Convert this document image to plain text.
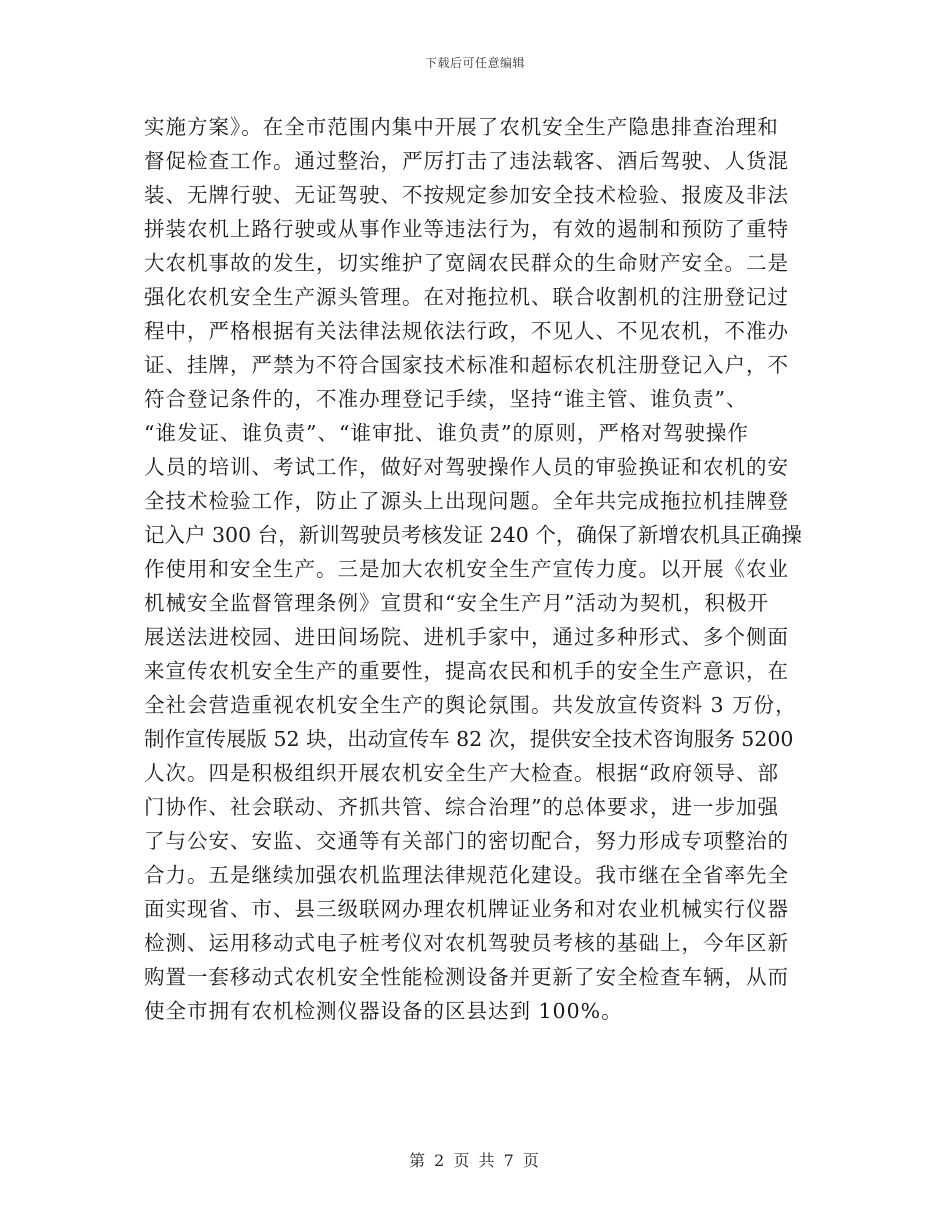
下载后可任意编辑
实施方案》。在全市范围内集中开展了农机安全生产隐患排查治理和
督促检查工作。通过整治，严厉打击了违法载客、酒后驾驶、人货混
装、无牌行驶、无证驾驶、不按规定参加安全技术检验、报废及非法
拼装农机上路行驶或从事作业等违法行为，有效的遏制和预防了重特
大农机事故的发生，切实维护了宽阔农民群众的生命财产安全。二是
强化农机安全生产源头管理。在对拖拉机、联合收割机的注册登记过
程中，严格根据有关法律法规依法行政，不见人、不见农机，不准办
证、挂牌，严禁为不符合国家技术标准和超标农机注册登记入户，不
符合登记条件的，不准办理登记手续，坚持“谁主管、谁负责”、
“谁发证、谁负责”、“谁审批、谁负责”的原则，严格对驾驶操作
人员的培训、考试工作，做好对驾驶操作人员的审验换证和农机的安
全技术检验工作，防止了源头上出现问题。全年共完成拖拉机挂牌登
记入户 300 台，新训驾驶员考核发证 240 个，确保了新增农机具正确操
作使用和安全生产。三是加大农机安全生产宣传力度。以开展《农业
机械安全监督管理条例》宣贯和“安全生产月”活动为契机，积极开
展送法进校园、进田间场院、进机手家中，通过多种形式、多个侧面
来宣传农机安全生产的重要性，提高农民和机手的安全生产意识，在
全社会营造重视农机安全生产的舆论氛围。共发放宣传资料 3 万份，
制作宣传展版 52 块，出动宣传车 82 次，提供安全技术咨询服务 5200
人次。四是积极组织开展农机安全生产大检查。根据“政府领导、部
门协作、社会联动、齐抓共管、综合治理”的总体要求，进一步加强
了与公安、安监、交通等有关部门的密切配合，努力形成专项整治的
合力。五是继续加强农机监理法律规范化建设。我市继在全省率先全
面实现省、市、县三级联网办理农机牌证业务和对农业机械实行仪器
检测、运用移动式电子桩考仪对农机驾驶员考核的基础上，今年区新
购置一套移动式农机安全性能检测设备并更新了安全检查车辆，从而
使全市拥有农机检测仪器设备的区县达到 100%。
第 2 页 共 7 页
